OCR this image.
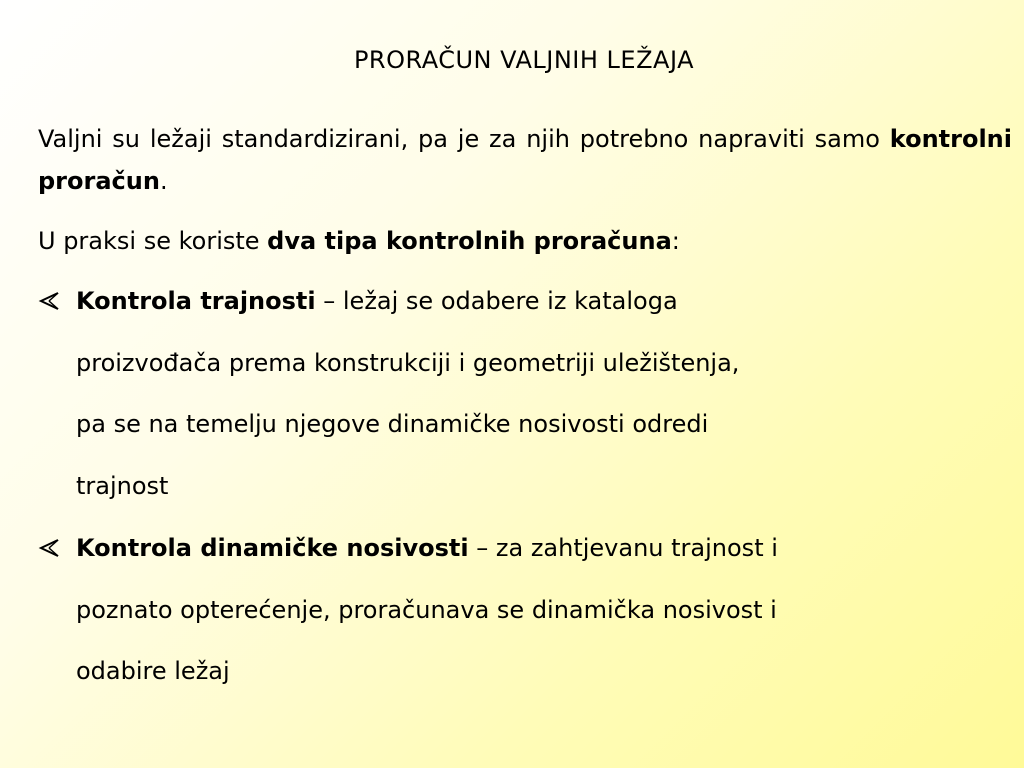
PRORAČUN VALJNIH LEŽAJA

Valjni su ležaji standardizirani, pa je za njih potrebno napraviti samo kontrolni proračun.

U praksi se koriste dva tipa kontrolnih proračuna:

Kontrola trajnosti – ležaj se odabere iz kataloga
proizvođača prema konstrukciji i geometriji uležištenja,
pa se na temelju njegove dinamičke nosivosti odredi
trajnost
Kontrola dinamičke nosivosti – za zahtjevanu trajnost i
poznato opterećenje, proračunava se dinamička nosivost i
odabire ležaj
